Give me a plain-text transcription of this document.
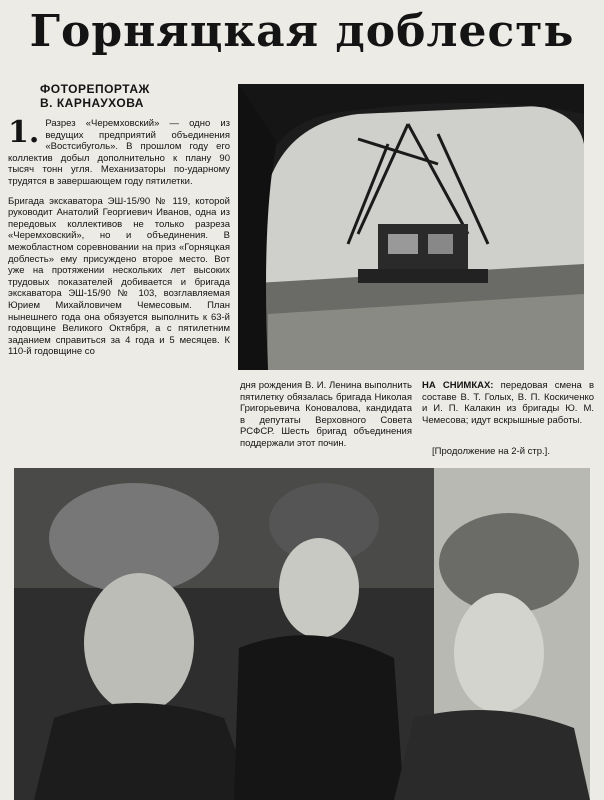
Горняцкая доблесть
ФОТОРЕПОРТАЖ
В. КАРНАУХОВА

1. Разрез «Черемховский» — одно из ведущих предприятий объединения «Востсибуголь». В прошлом году его коллектив добыл дополнительно к плану 90 тысяч тонн угля. Механизаторы по-ударному трудятся в завершающем году пятилетки.

Бригада экскаватора ЭШ-15/90 № 119, которой руководит Анатолий Георгиевич Иванов, одна из передовых коллективов не только разреза «Черемховский», но и объединения. В межобластном соревновании на приз «Горняцкая доблесть» ему присуждено второе место. Вот уже на протяжении нескольких лет высоких трудовых показателей добивается и бригада экскаватора ЭШ-15/90 № 103, возглавляемая Юрием Михайловичем Чемесовым. План нынешнего года она обязуется выполнить к 63-й годовщине Великого Октября, а с пятилетним заданием справиться за 4 года и 5 месяцев. К 110-й годовщине со

дня рождения В. И. Ленина выполнить пятилетку обязалась бригада Николая Григорьевича Коновалова, кандидата в депутаты Верховного Совета РСФСР. Шесть бригад объединения поддержали этот почин.
НА СНИМКАХ: передовая смена в составе В. Т. Голых, В. П. Коскиченко и И. П. Калакин из бригады Ю. М. Чемесова; идут вскрышные работы.
[Продолжение на 2-й стр.].
